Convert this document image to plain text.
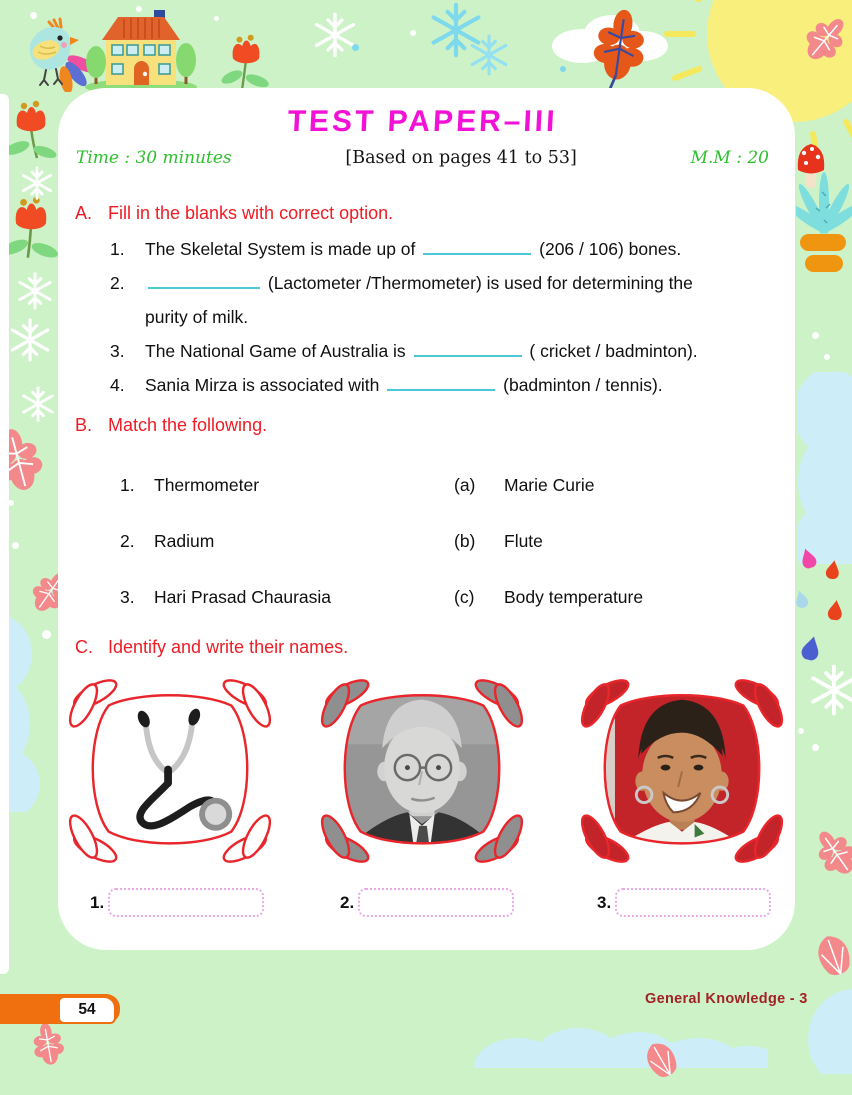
TEST PAPER–III
Time : 30 minutes	[Based on pages 41 to 53]	M.M : 20
A. Fill in the blanks with correct option.
1.	The Skeletal System is made up of	(206 / 106) bones.
2.	(Lactometer /Thermometer) is used for determining the
purity of milk.
3.	The National Game of Australia is	( cricket / badminton).
4.	Sania Mirza is associated with	(badminton / tennis).
B. Match the following.
1.	Thermometer	(a)	Marie Curie
2.	Radium	(b)	Flute
3.	Hari Prasad Chaurasia	(c)	Body temperature
C. Identify and write their names.
1.	2.	3.
54
General Knowledge - 3
